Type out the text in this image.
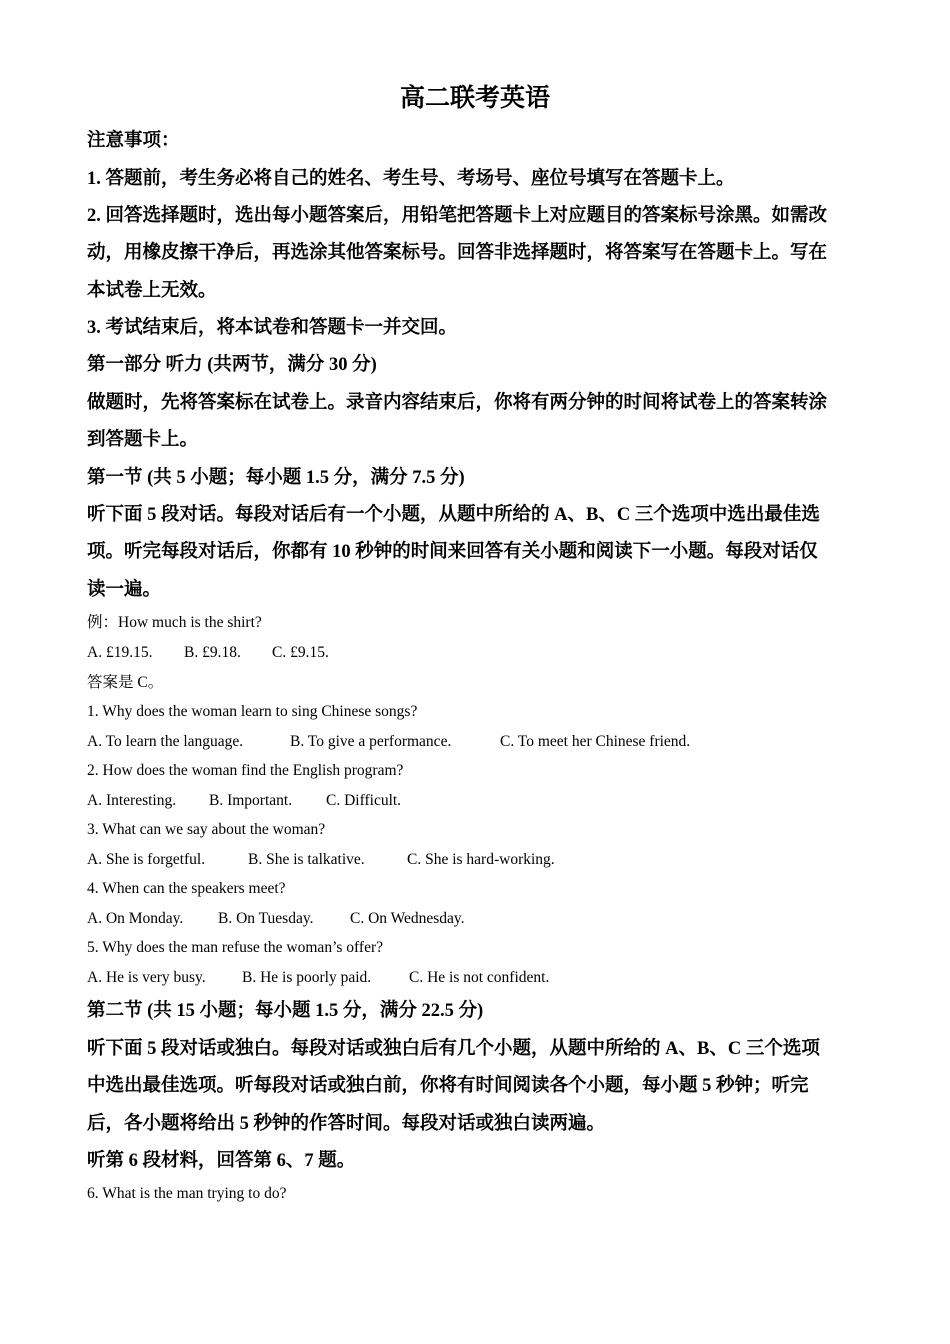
高二联考英语

注意事项：

1. 答题前，考生务必将自己的姓名、考生号、考场号、座位号填写在答题卡上。

2. 回答选择题时，选出每小题答案后，用铅笔把答题卡上对应题目的答案标号涂黑。如需改

动，用橡皮擦干净后，再选涂其他答案标号。回答非选择题时，将答案写在答题卡上。写在

本试卷上无效。

3. 考试结束后，将本试卷和答题卡一并交回。

第一部分 听力 (共两节，满分 30 分)

做题时，先将答案标在试卷上。录音内容结束后，你将有两分钟的时间将试卷上的答案转涂

到答题卡上。

第一节 (共 5 小题；每小题 1.5 分，满分 7.5 分)

听下面 5 段对话。每段对话后有一个小题，从题中所给的 A、B、C 三个选项中选出最佳选

项。听完每段对话后，你都有 10 秒钟的时间来回答有关小题和阅读下一小题。每段对话仅

读一遍。

例：How much is the shirt?

A. £19.15. B. £9.18. C. £9.15.

答案是 C。

1. Why does the woman learn to sing Chinese songs?

A. To learn the language.	B. To give a performance.	C. To meet her Chinese friend.

2. How does the woman find the English program?

A. Interesting. B. Important. C. Difficult.

3. What can we say about the woman?

A. She is forgetful.	B. She is talkative.	C. She is hard-working.

4. When can the speakers meet?

A. On Monday. B. On Tuesday. C. On Wednesday.

5. Why does the man refuse the woman’s offer?

A. He is very busy. B. He is poorly paid. C. He is not confident.

第二节 (共 15 小题；每小题 1.5 分，满分 22.5 分)

听下面 5 段对话或独白。每段对话或独白后有几个小题，从题中所给的 A、B、C 三个选项

中选出最佳选项。听每段对话或独白前，你将有时间阅读各个小题，每小题 5 秒钟；听完

后，各小题将给出 5 秒钟的作答时间。每段对话或独白读两遍。

听第 6 段材料，回答第 6、7 题。

6. What is the man trying to do?
